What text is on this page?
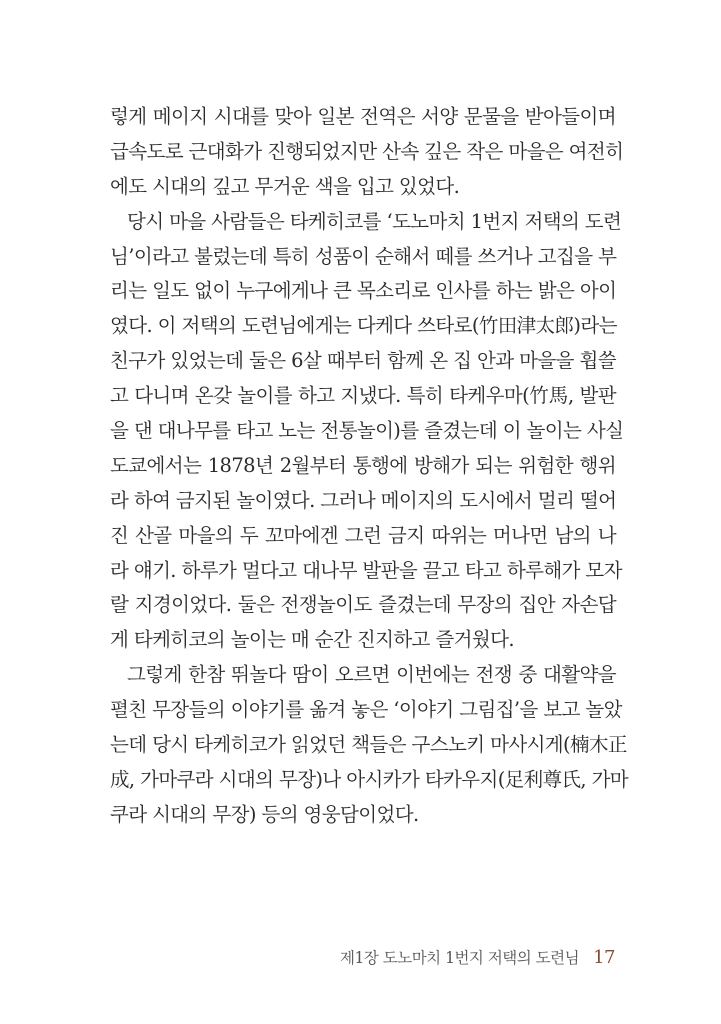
렇게 메이지 시대를 맞아 일본 전역은 서양 문물을 받아들이며
급속도로 근대화가 진행되었지만 산속 깊은 작은 마을은 여전히
에도 시대의 깊고 무거운 색을 입고 있었다.
당시 마을 사람들은 타케히코를 ‘도노마치 1번지 저택의 도련
님’이라고 불렀는데 특히 성품이 순해서 떼를 쓰거나 고집을 부
리는 일도 없이 누구에게나 큰 목소리로 인사를 하는 밝은 아이
였다. 이 저택의 도련님에게는 다케다 쓰타로(竹田津太郎)라는
친구가 있었는데 둘은 6살 때부터 함께 온 집 안과 마을을 휩쓸
고 다니며 온갖 놀이를 하고 지냈다. 특히 타케우마(竹馬, 발판
을 댄 대나무를 타고 노는 전통놀이)를 즐겼는데 이 놀이는 사실
도쿄에서는 1878년 2월부터 통행에 방해가 되는 위험한 행위
라 하여 금지된 놀이였다. 그러나 메이지의 도시에서 멀리 떨어
진 산골 마을의 두 꼬마에겐 그런 금지 따위는 머나먼 남의 나
라 얘기. 하루가 멀다고 대나무 발판을 끌고 타고 하루해가 모자
랄 지경이었다. 둘은 전쟁놀이도 즐겼는데 무장의 집안 자손답
게 타케히코의 놀이는 매 순간 진지하고 즐거웠다.
그렇게 한참 뛰놀다 땀이 오르면 이번에는 전쟁 중 대활약을
펼친 무장들의 이야기를 옮겨 놓은 ‘이야기 그림집’을 보고 놀았
는데 당시 타케히코가 읽었던 책들은 구스노키 마사시게(楠木正
成, 가마쿠라 시대의 무장)나 아시카가 타카우지(足利尊氏, 가마
쿠라 시대의 무장) 등의 영웅담이었다.
제1장 도노마치 1번지 저택의 도련님 17
